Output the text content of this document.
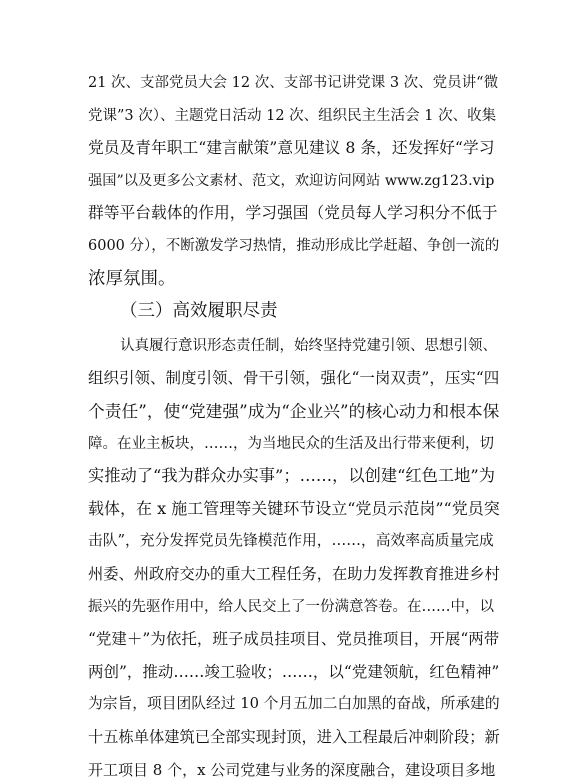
21 次、支部党员大会 12 次、支部书记讲党课 3 次、党员讲“微
党课”3 次）、主题党日活动 12 次、组织民主生活会 1 次、收集
党员及青年职工“建言献策”意见建议 8 条，还发挥好“学习
强国”以及更多公文素材、范文，欢迎访问网站 www.zg123.vip
群等平台载体的作用，学习强国（党员每人学习积分不低于
6000 分），不断激发学习热情，推动形成比学赶超、争创一流的
浓厚氛围。
（三）高效履职尽责
认真履行意识形态责任制，始终坚持党建引领、思想引领、
组织引领、制度引领、骨干引领，强化“一岗双责”，压实“四
个责任”，使“党建强”成为“企业兴”的核心动力和根本保
障。在业主板块，……，为当地民众的生活及出行带来便利，切
实推动了“我为群众办实事”；……，以创建“红色工地”为
载体，在 x 施工管理等关键环节设立“党员示范岗”“党员突
击队”，充分发挥党员先锋模范作用，……，高效率高质量完成
州委、州政府交办的重大工程任务，在助力发挥教育推进乡村
振兴的先驱作用中，给人民交上了一份满意答卷。在……中，以
“党建＋”为依托，班子成员挂项目、党员推项目，开展“两带
两创”，推动……竣工验收；……，以“党建领航，红色精神”
为宗旨，项目团队经过 10 个月五加二白加黑的奋战，所承建的
十五栋单体建筑已全部实现封顶，进入工程最后冲刺阶段；新
开工项目 8 个，x 公司党建与业务的深度融合，建设项目多地
